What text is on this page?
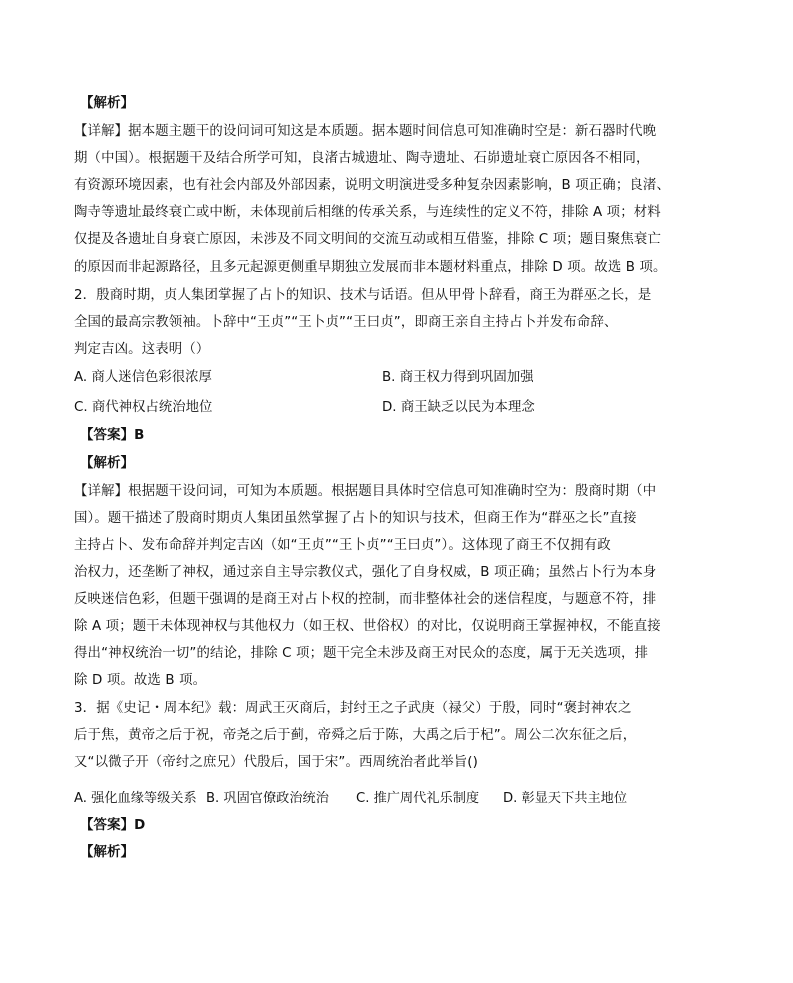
【解析】
【详解】据本题主题干的设问词可知这是本质题。据本题时间信息可知准确时空是：新石器时代晚
期（中国）。根据题干及结合所学可知，良渚古城遗址、陶寺遗址、石峁遗址衰亡原因各不相同，
有资源环境因素，也有社会内部及外部因素，说明文明演进受多种复杂因素影响，B 项正确；良渚、
陶寺等遗址最终衰亡或中断，未体现前后相继的传承关系，与连续性的定义不符，排除 A 项；材料
仅提及各遗址自身衰亡原因，未涉及不同文明间的交流互动或相互借鉴，排除 C 项；题目聚焦衰亡
的原因而非起源路径，且多元起源更侧重早期独立发展而非本题材料重点，排除 D 项。故选 B 项。
2．殷商时期，贞人集团掌握了占卜的知识、技术与话语。但从甲骨卜辞看，商王为群巫之长，是
全国的最高宗教领袖。卜辞中“王贞”“王卜贞”“王曰贞”，即商王亲自主持占卜并发布命辞、
判定吉凶。这表明（）
A. 商人迷信色彩很浓厚	B. 商王权力得到巩固加强
C. 商代神权占统治地位	D. 商王缺乏以民为本理念
【答案】B
【解析】
【详解】根据题干设问词，可知为本质题。根据题目具体时空信息可知准确时空为：殷商时期（中
国）。题干描述了殷商时期贞人集团虽然掌握了占卜的知识与技术，但商王作为“群巫之长”直接
主持占卜、发布命辞并判定吉凶（如“王贞”“王卜贞”“王曰贞”）。这体现了商王不仅拥有政
治权力，还垄断了神权，通过亲自主导宗教仪式，强化了自身权威，B 项正确；虽然占卜行为本身
反映迷信色彩，但题干强调的是商王对占卜权的控制，而非整体社会的迷信程度，与题意不符，排
除 A 项；题干未体现神权与其他权力（如王权、世俗权）的对比，仅说明商王掌握神权，不能直接
得出“神权统治一切”的结论，排除 C 项；题干完全未涉及商王对民众的态度，属于无关选项，排
除 D 项。故选 B 项。
3．据《史记・周本纪》载：周武王灭商后，封纣王之子武庚（禄父）于殷，同时“褒封神农之
后于焦，黄帝之后于祝，帝尧之后于蓟，帝舜之后于陈，大禹之后于杞”。周公二次东征之后，
又“以微子开（帝纣之庶兄）代殷后，国于宋”。西周统治者此举旨()
A. 强化血缘等级关系 B. 巩固官僚政治统治 C. 推广周代礼乐制度 D. 彰显天下共主地位
【答案】D
【解析】
